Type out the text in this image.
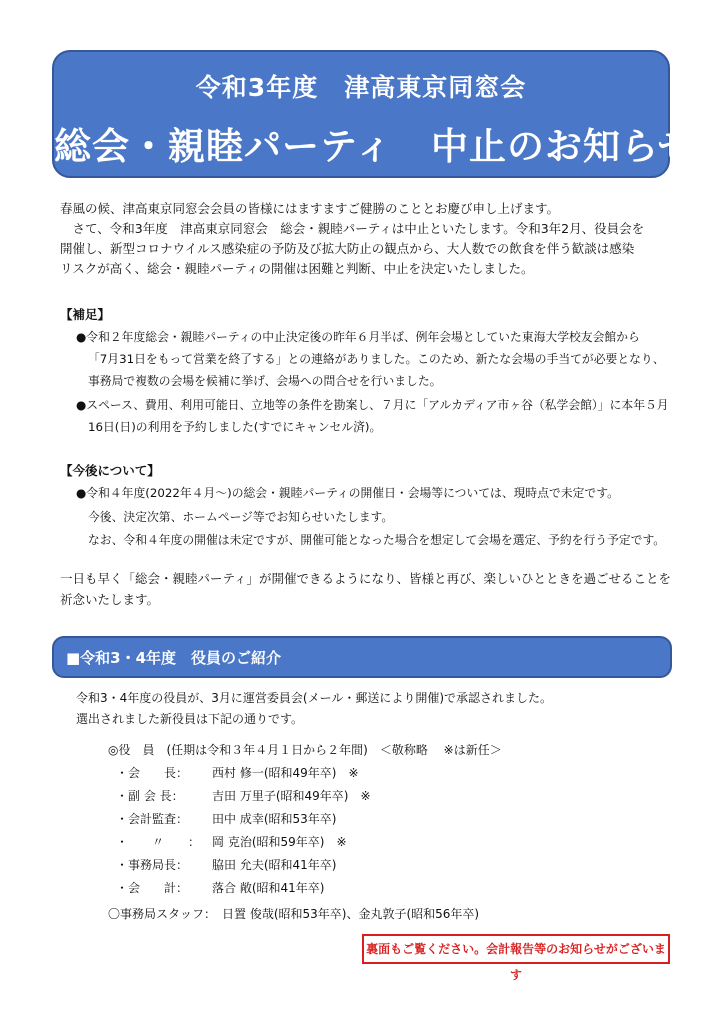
令和3年度　津高東京同窓会
総会・親睦パーティ　中止のお知らせ
春風の候、津高東京同窓会会員の皆様にはますますご健勝のこととお慶び申し上げます。
　さて、令和3年度　津高東京同窓会　総会・親睦パーティは中止といたします。令和3年2月、役員会を
開催し、新型コロナウイルス感染症の予防及び拡大防止の観点から、大人数での飲食を伴う歓談は感染
リスクが高く、総会・親睦パーティの開催は困難と判断、中止を決定いたしました。
【補足】
●令和２年度総会・親睦パーティの中止決定後の昨年６月半ば、例年会場としていた東海大学校友会館から
「7月31日をもって営業を終了する」との連絡がありました。このため、新たな会場の手当てが必要となり、
事務局で複数の会場を候補に挙げ、会場への問合せを行いました。
●スペース、費用、利用可能日、立地等の条件を勘案し、７月に「アルカディア市ヶ谷（私学会館）」に本年５月
16日(日)の利用を予約しました(すでにキャンセル済)。
【今後について】
●令和４年度(2022年４月～)の総会・親睦パーティの開催日・会場等については、現時点で未定です。
今後、決定次第、ホームページ等でお知らせいたします。
なお、令和４年度の開催は未定ですが、開催可能となった場合を想定して会場を選定、予約を行う予定です。
一日も早く「総会・親睦パーティ」が開催できるようになり、皆様と再び、楽しいひとときを過ごせることを
祈念いたします。
■令和3・4年度　役員のご紹介
令和3・4年度の役員が、3月に運営委員会(メール・郵送により開催)で承認されました。
選出されました新役員は下記の通りです。
◎役　員　(任期は令和３年４月１日から２年間)　＜敬称略　 ※は新任＞
・会　　長： 西村 修一(昭和49年卒)　※
・副 会 長： 吉田 万里子(昭和49年卒)　※
・会計監査： 田中 成幸(昭和53年卒)
・　　〃　　： 岡 克治(昭和59年卒)　※
・事務局長： 脇田 允夫(昭和41年卒)
・会　　計： 落合 敞(昭和41年卒)
〇事務局スタッフ：　日置 俊哉(昭和53年卒)、金丸敦子(昭和56年卒)
裏面もご覧ください。会計報告等のお知らせがございます
